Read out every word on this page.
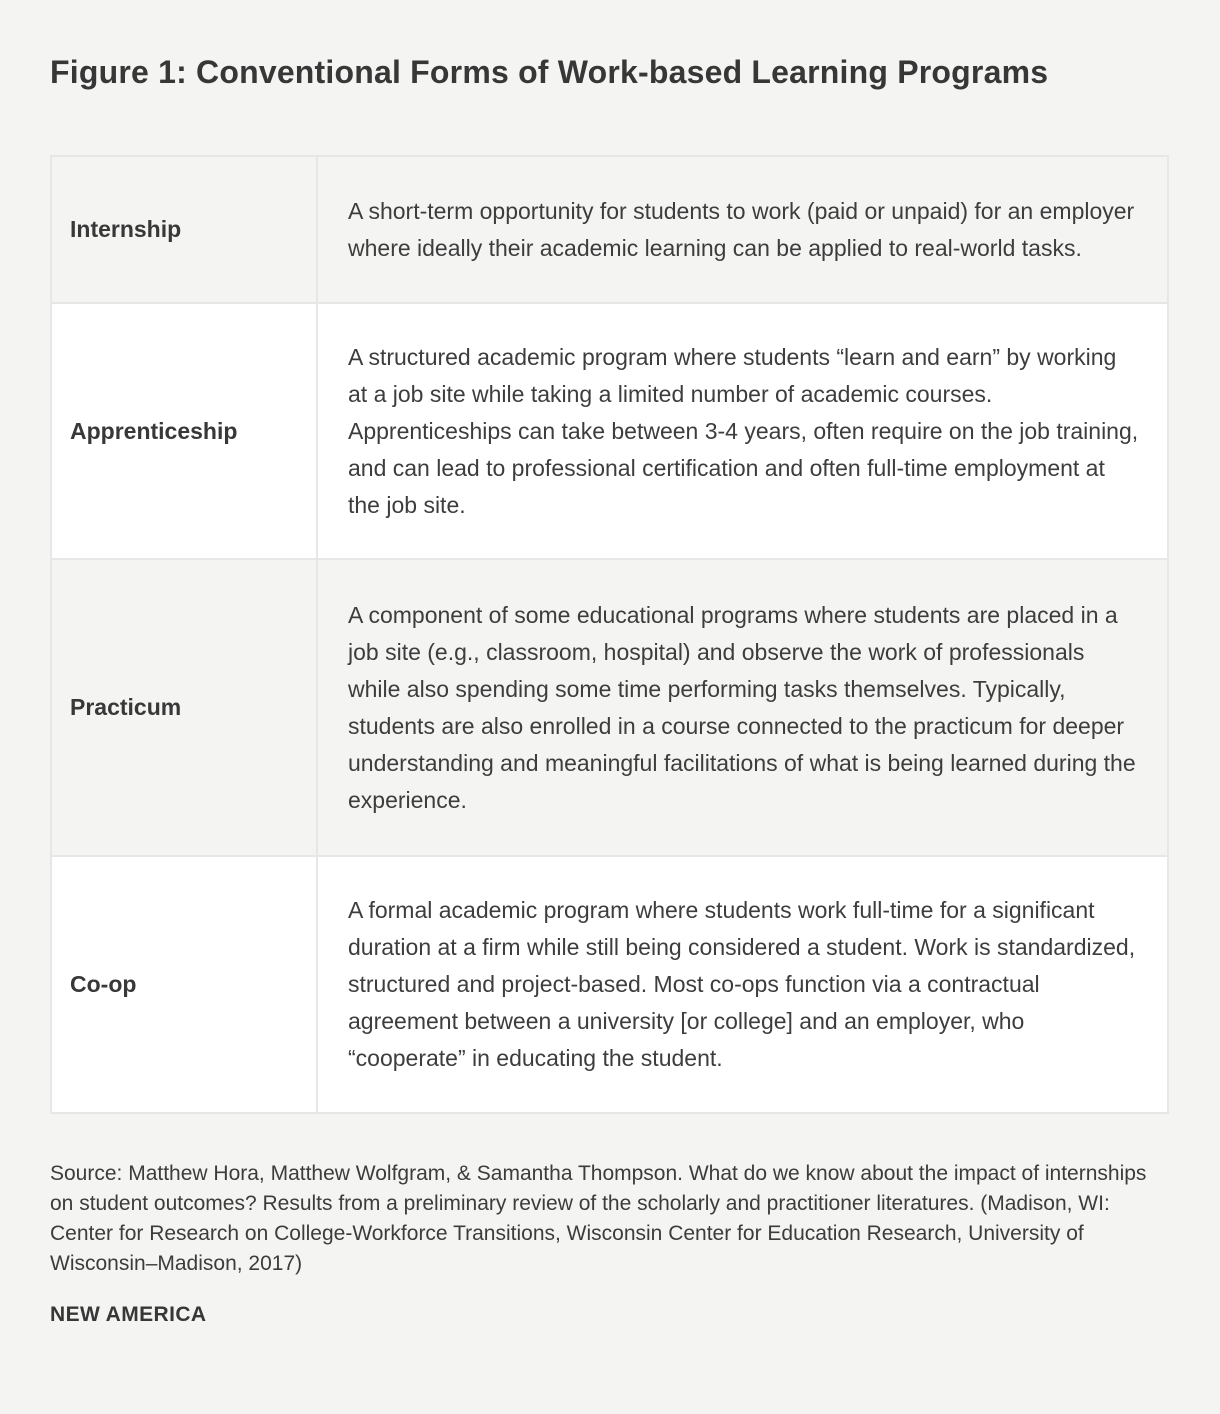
Figure 1: Conventional Forms of Work-based Learning Programs
Internship	A short-term opportunity for students to work (paid or unpaid) for an employer where ideally their academic learning can be applied to real-world tasks.
Apprenticeship	A structured academic program where students “learn and earn” by working at a job site while taking a limited number of academic courses. Apprenticeships can take between 3-4 years, often require on the job training, and can lead to professional certification and often full-time employment at the job site.
Practicum	A component of some educational programs where students are placed in a job site (e.g., classroom, hospital) and observe the work of professionals while also spending some time performing tasks themselves. Typically, students are also enrolled in a course connected to the practicum for deeper understanding and meaningful facilitations of what is being learned during the experience.
Co-op	A formal academic program where students work full-time for a significant duration at a firm while still being considered a student. Work is standardized, structured and project-based. Most co-ops function via a contractual agreement between a university [or college] and an employer, who “cooperate” in educating the student.

Source: Matthew Hora, Matthew Wolfgram, & Samantha Thompson. What do we know about the impact of internships on student outcomes? Results from a preliminary review of the scholarly and practitioner literatures. (Madison, WI: Center for Research on College-Workforce Transitions, Wisconsin Center for Education Research, University of Wisconsin–Madison, 2017)

NEW AMERICA
